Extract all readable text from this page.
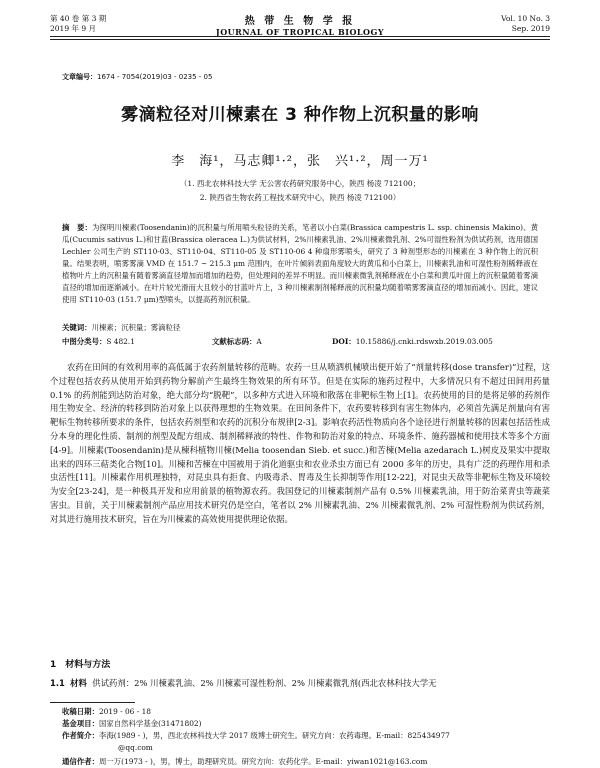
第 40 卷 第 3 期
2019 年 9 月
热 带 生 物 学 报
JOURNAL OF TROPICAL BIOLOGY
Vol. 10 No. 3
Sep. 2019
文章编号：1674 - 7054(2019)03 - 0235 - 05
雾滴粒径对川楝素在 3 种作物上沉积量的影响
李　海¹，马志卿¹·²，张　兴¹·²，周一万¹
（1. 西北农林科技大学 无公害农药研究服务中心，陕西 杨凌 712100；
2. 陕西省生物农药工程技术研究中心，陕西 杨凌 712100）
摘　要：为探明川楝素(Toosendanin)的沉积量与所用喷头粒径的关系，笔者以小白菜(Brassica campestris L. ssp. chinensis Makino)、黄瓜(Cucumis sativus L.)和甘蓝(Brassica oleracea L.)为供试材料，2%川楝素乳油、2%川楝素微乳剂、2%可湿性粉剂为供试药剂，选用德国 Lechler 公司生产的 ST110-03、ST110-04、ST110-05 及 ST110-06 4 种扇形雾喷头，研究了 3 种剂型形态的川楝素在 3 种作物上的沉积量。结果表明，喷雾雾滴 VMD 在 151.7 ~ 215.3 μm 范围内，在叶片倾斜表面角度较大的黄瓜和小白菜上，川楝素乳油和可湿性粉剂稀释液在植物叶片上的沉积量有随着雾滴直径增加而增加的趋势，但处理间的差异不明显。而川楝素微乳剂稀释液在小白菜和黄瓜叶面上的沉积量随着雾滴直径的增加而逐渐减小。在叶片较光滑而大且较小的甘蓝叶片上，3 种川楝素制剂稀释液的沉积量均随着喷雾雾滴直径的增加而减小。因此，建议使用 ST110-03 (151.7 μm)型喷头，以提高药剂沉积量。
关键词：川楝素；沉积量；雾滴粒径
中图分类号：S 482.1	文献标志码：A	DOI：10.15886/j.cnki.rdswxb.2019.03.005
农药在田间的有效利用率的高低属于农药剂量转移的范畴。农药一旦从喷洒机械喷出便开始了“剂量转移(dose transfer)”过程，这个过程包括农药从使用开始到药物分解前产生最终生物效果的所有环节。但是在实际的施药过程中，大多情况只有不超过田间用药量 0.1% 的药剂能到达防治对象，绝大部分均“脱靶”，以多种方式进入环境和散落在非靶标生物上[1]。农药使用的目的是将足够的药剂作用生物安全、经济的转移到防治对象上以获得理想的生物效果。在田间条件下，农药要转移到有害生物体内，必须首先满足剂量向有害靶标生物转移所要求的条件，包括农药剂型和农药的沉积分布规律[2-3]。影响农药活性物质向各个途径进行剂量转移的因素包括活性成分本身的理化性质、制剂的剂型及配方组成、制剂稀释液的特性、作物和防治对象的特点、环境条件、施药器械和使用技术等多个方面[4-9]。川楝素(Toosendanin)是从楝科植物川楝(Melia toosendan Sieb. et succ.)和苦楝(Melia azedarach L.)树皮及果实中提取出来的四环三萜类化合物[10]。川楝和苦楝在中国被用于消化道驱虫和农业杀虫方面已有 2000 多年的历史，具有广泛的药理作用和杀虫活性[11]。川楝素作用机理独特，对昆虫具有拒食、内吸毒杀、胃毒及生长抑制等作用[12-22]，对昆虫天敌等非靶标生物及环境较为安全[23-24]，是一种极具开发和应用前景的植物源农药。我国登记的川楝素制剂产品有 0.5% 川楝素乳油，用于防治菜青虫等蔬菜害虫。目前，关于川楝素制剂产品应用技术研究仍是空白，笔者以 2% 川楝素乳油、2% 川楝素微乳剂、2% 可湿性粉剂为供试药剂，对其进行施用技术研究，旨在为川楝素的高效使用提供理论依据。
1　材料与方法
1.1 材料 供试药剂：2% 川楝素乳油、2% 川楝素可湿性粉剂、2% 川楝素微乳剂(西北农林科技大学无
收稿日期：2019 - 06 - 18
基金项目：国家自然科学基金(31471802)
作者简介：李海(1989 - )，男，西北农林科技大学 2017 级博士研究生。研究方向：农药毒理。E-mail：825434977
@qq.com
通信作者：周一万(1973 - )，男，博士，助理研究员。研究方向：农药化学。E-mail：yiwan1021@163.com
